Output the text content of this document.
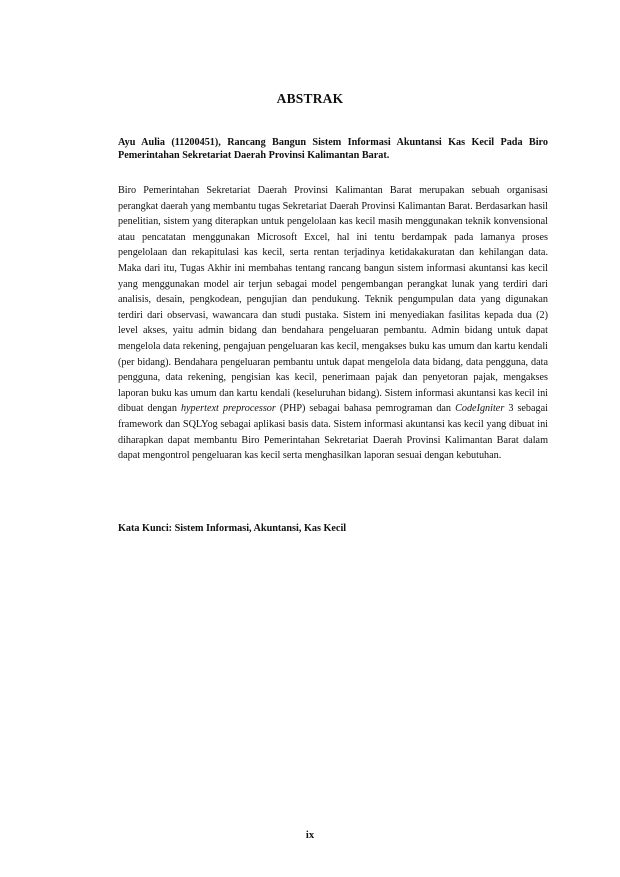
ABSTRAK
Ayu Aulia (11200451), Rancang Bangun Sistem Informasi Akuntansi Kas Kecil Pada Biro Pemerintahan Sekretariat Daerah Provinsi Kalimantan Barat.
Biro Pemerintahan Sekretariat Daerah Provinsi Kalimantan Barat merupakan sebuah organisasi perangkat daerah yang membantu tugas Sekretariat Daerah Provinsi Kalimantan Barat. Berdasarkan hasil penelitian, sistem yang diterapkan untuk pengelolaan kas kecil masih menggunakan teknik konvensional atau pencatatan menggunakan Microsoft Excel, hal ini tentu berdampak pada lamanya proses pengelolaan dan rekapitulasi kas kecil, serta rentan terjadinya ketidakakuratan dan kehilangan data. Maka dari itu, Tugas Akhir ini membahas tentang rancang bangun sistem informasi akuntansi kas kecil yang menggunakan model air terjun sebagai model pengembangan perangkat lunak yang terdiri dari analisis, desain, pengkodean, pengujian dan pendukung. Teknik pengumpulan data yang digunakan terdiri dari observasi, wawancara dan studi pustaka. Sistem ini menyediakan fasilitas kepada dua (2) level akses, yaitu admin bidang dan bendahara pengeluaran pembantu. Admin bidang untuk dapat mengelola data rekening, pengajuan pengeluaran kas kecil, mengakses buku kas umum dan kartu kendali (per bidang). Bendahara pengeluaran pembantu untuk dapat mengelola data bidang, data pengguna, data pengguna, data rekening, pengisian kas kecil, penerimaan pajak dan penyetoran pajak, mengakses laporan buku kas umum dan kartu kendali (keseluruhan bidang). Sistem informasi akuntansi kas kecil ini dibuat dengan hypertext preprocessor (PHP) sebagai bahasa pemrograman dan CodeIgniter 3 sebagai framework dan SQLYog sebagai aplikasi basis data. Sistem informasi akuntansi kas kecil yang dibuat ini diharapkan dapat membantu Biro Pemerintahan Sekretariat Daerah Provinsi Kalimantan Barat dalam dapat mengontrol pengeluaran kas kecil serta menghasilkan laporan sesuai dengan kebutuhan.
Kata Kunci: Sistem Informasi, Akuntansi, Kas Kecil
ix
